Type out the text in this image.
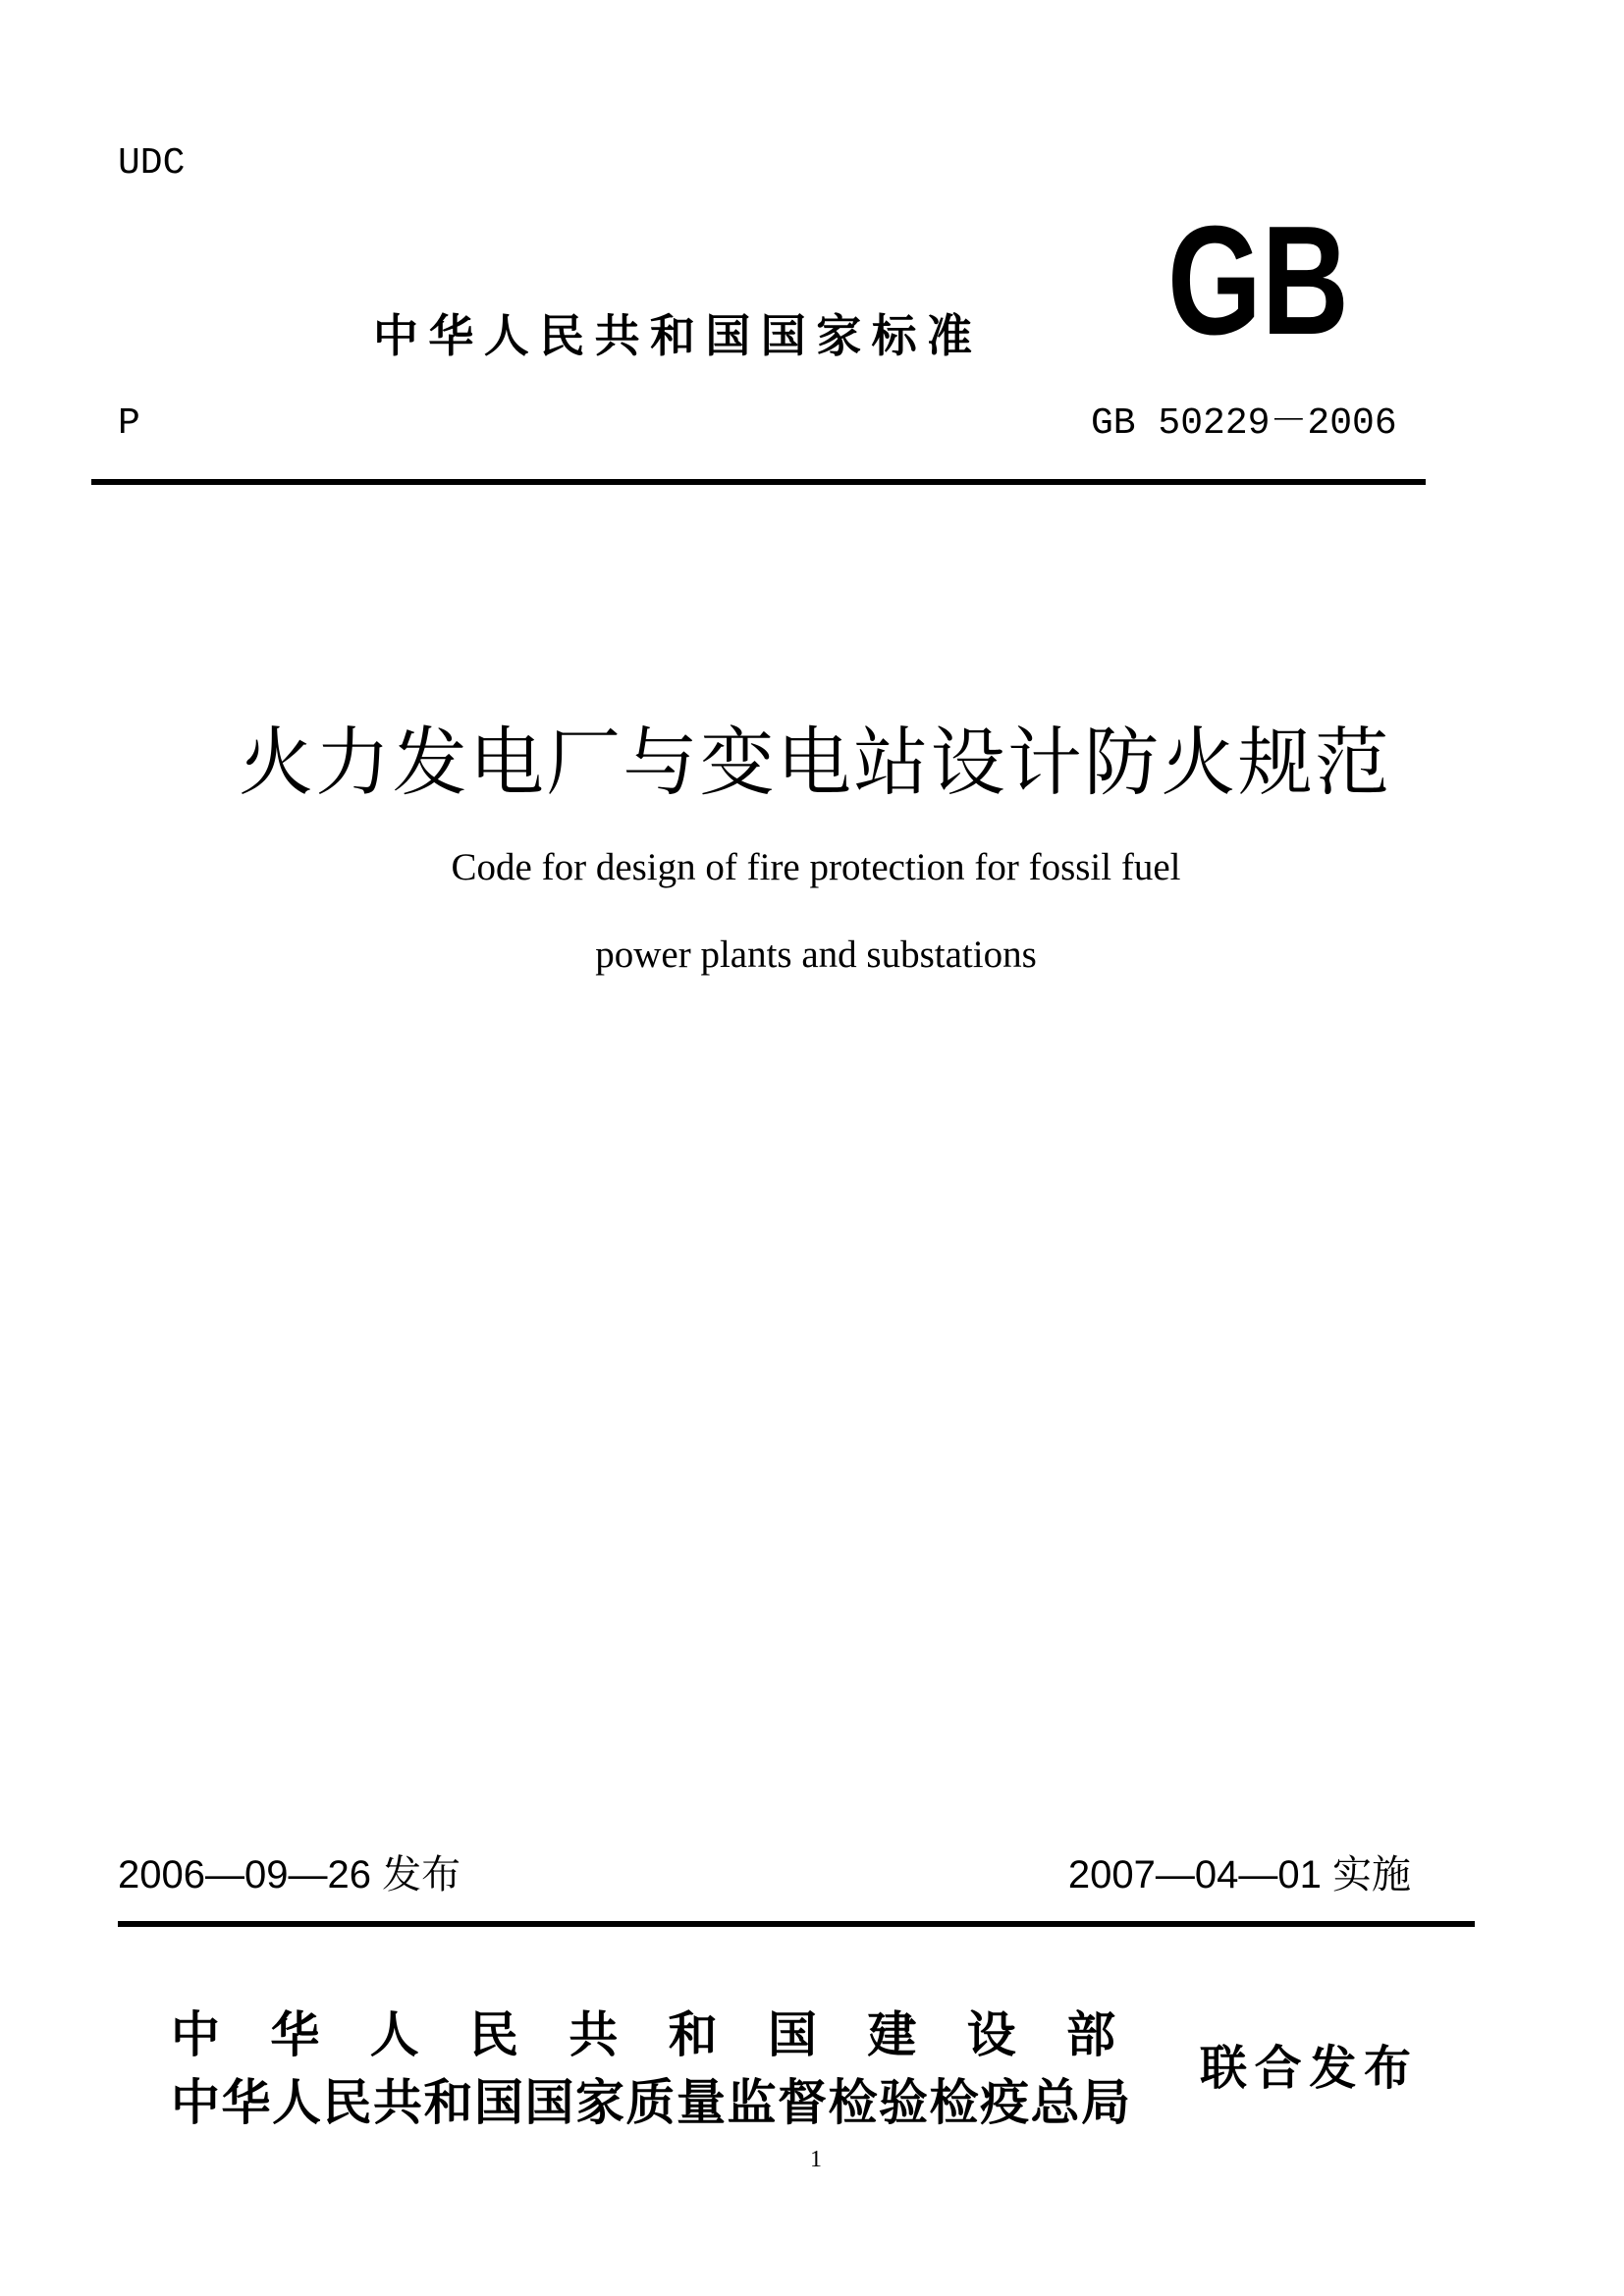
UDC
GB
中华人民共和国国家标准
P	GB 50229－2006
火力发电厂与变电站设计防火规范
Code for design of fire protection for fossil fuel
power plants and substations
2006—09—26 发布	2007—04—01 实施
中 华 人 民 共 和 国 建 设 部
中华人民共和国国家质量监督检验检疫总局
联合发布
1
